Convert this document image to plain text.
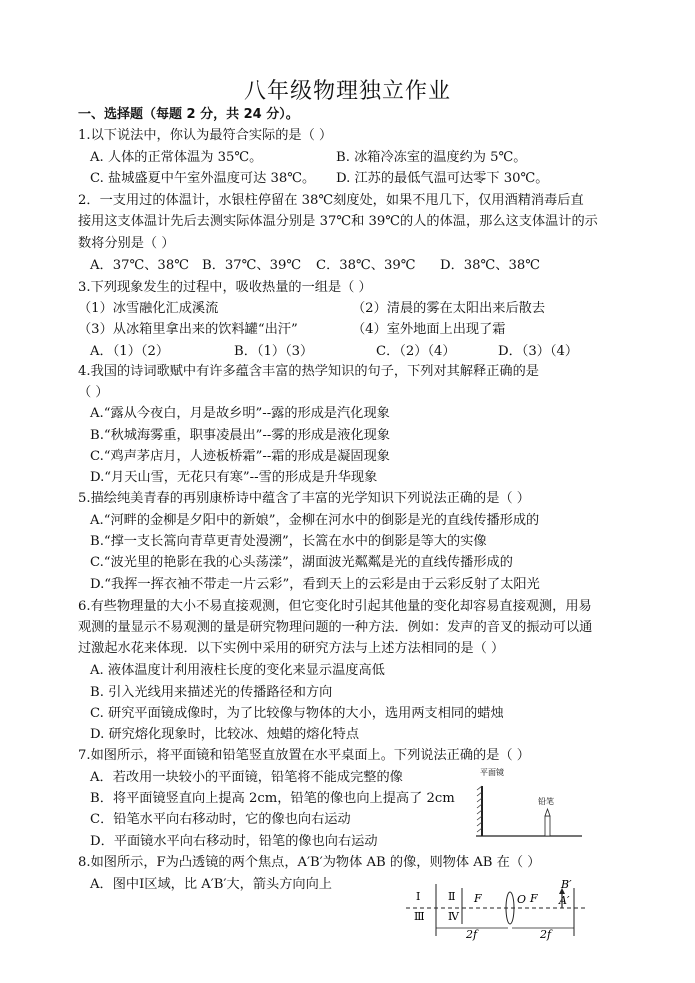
八年级物理独立作业
一、选择题（每题 2 分，共 24 分）。
1.以下说法中，你认为最符合实际的是（ ）
A. 人体的正常体温为 35℃。	B. 冰箱冷冻室的温度约为 5℃。
C. 盐城盛夏中午室外温度可达 38℃。 D. 江苏的最低气温可达零下 30℃。
2．一支用过的体温计，水银柱停留在 38℃刻度处，如果不甩几下，仅用酒精消毒后直
接用这支体温计先后去测实际体温分别是 37℃和 39℃的人的体温，那么这支体温计的示
数将分别是（ ）
A．37℃、38℃ B．37℃、39℃ C．38℃、39℃ D．38℃、38℃
3.下列现象发生的过程中，吸收热量的一组是（ ）
（1）冰雪融化汇成溪流	（2）清晨的雾在太阳出来后散去
（3）从冰箱里拿出来的饮料罐“出汗”	（4）室外地面上出现了霜
A．（1）（2）	B．（1）（3）	C．（2）（4）	D．（3）（4）
4.我国的诗词歌赋中有许多蕴含丰富的热学知识的句子，下列对其解释正确的是
（ ）
A.“露从今夜白，月是故乡明”--露的形成是汽化现象
B.“秋城海雾重，职事凌晨出”--雾的形成是液化现象
C.“鸡声茅店月，人迹板桥霜”--霜的形成是凝固现象
D.“月天山雪，无花只有寒”--雪的形成是升华现象
5.描绘纯美青春的再别康桥诗中蕴含了丰富的光学知识下列说法正确的是（ ）
A.“河畔的金柳是夕阳中的新娘”，金柳在河水中的倒影是光的直线传播形成的
B.“撑一支长篙向青草更青处漫溯”，长篙在水中的倒影是等大的实像
C.“波光里的艳影在我的心头荡漾”，湖面波光粼粼是光的直线传播形成的
D.“我挥一挥衣袖不带走一片云彩”，看到天上的云彩是由于云彩反射了太阳光
6.有些物理量的大小不易直接观测，但它变化时引起其他量的变化却容易直接观测，用易
观测的量显示不易观测的量是研究物理问题的一种方法．例如：发声的音叉的振动可以通
过激起水花来体现．以下实例中采用的研究方法与上述方法相同的是（ ）
A. 液体温度计利用液柱长度的变化来显示温度高低
B. 引入光线用来描述光的传播路径和方向
C. 研究平面镜成像时，为了比较像与物体的大小，选用两支相同的蜡烛
D. 研究熔化现象时，比较冰、烛蜡的熔化特点
7.如图所示，将平面镜和铅笔竖直放置在水平桌面上。下列说法正确的是（ ）
A．若改用一块较小的平面镜，铅笔将不能成完整的像
B．将平面镜竖直向上提高 2cm，铅笔的像也向上提高了 2cm
C．铅笔水平向右移动时，它的像也向右运动
D．平面镜水平向右移动时，铅笔的像也向右运动
平面镜
铅笔
8.如图所示，F为凸透镜的两个焦点，A′B′为物体 AB 的像，则物体 AB 在（ ）
A．图中Ⅰ区域，比 A′B′大，箭头方向向上
Ⅰ	Ⅱ
Ⅲ Ⅳ
F	O F
B′
A′
2f	2f
